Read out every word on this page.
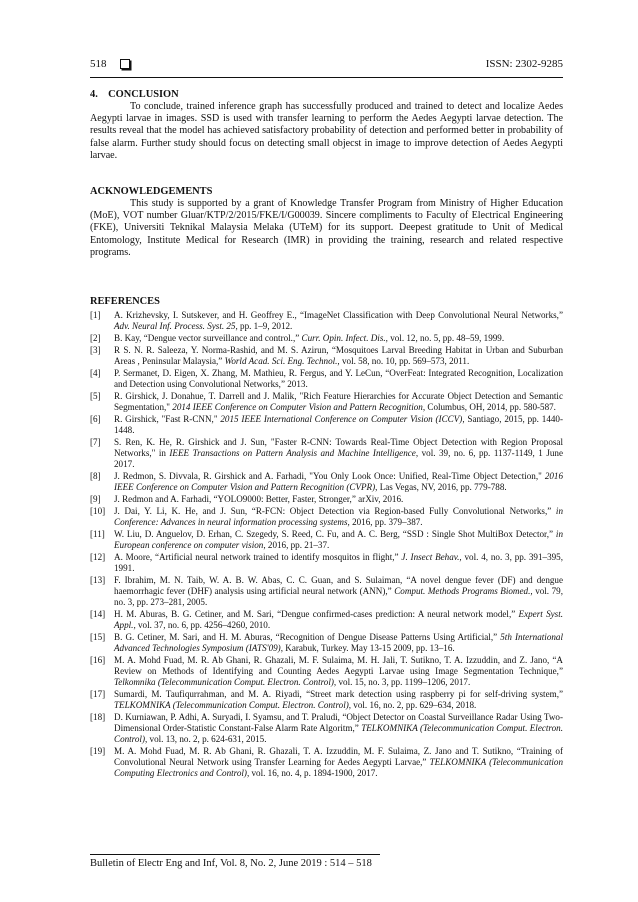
518	ISSN: 2302-9285

4.    CONCLUSION

To conclude, trained inference graph has successfully produced and trained to detect and localize Aedes Aegypti larvae in images. SSD is used with transfer learning to perform the Aedes Aegypti larvae detection. The results reveal that the model has achieved satisfactory probability of detection and performed better in probability of false alarm. Further study should focus on detecting small objecst in image to improve detection of Aedes Aegypti larvae.

ACKNOWLEDGEMENTS

This study is supported by a grant of Knowledge Transfer Program from Ministry of Higher Education (MoE), VOT number Gluar/KTP/2/2015/FKE/I/G00039. Sincere compliments to Faculty of Electrical Engineering (FKE), Universiti Teknikal Malaysia Melaka (UTeM) for its support. Deepest gratitude to Unit of Medical Entomology, Institute Medical for Research (IMR) in providing the training, research and related respective programs.

REFERENCES

[1] A. Krizhevsky, I. Sutskever, and H. Geoffrey E., “ImageNet Classification with Deep Convolutional Neural Networks,” Adv. Neural Inf. Process. Syst. 25, pp. 1–9, 2012.
[2] B. Kay, “Dengue vector surveillance and control.,” Curr. Opin. Infect. Dis., vol. 12, no. 5, pp. 48–59, 1999.
[3] R S. N. R. Saleeza, Y. Norma-Rashid, and M. S. Azirun, “Mosquitoes Larval Breeding Habitat in Urban and Suburban Areas , Peninsular Malaysia,” World Acad. Sci. Eng. Technol., vol. 58, no. 10, pp. 569–573, 2011.
[4] P. Sermanet, D. Eigen, X. Zhang, M. Mathieu, R. Fergus, and Y. LeCun, “OverFeat: Integrated Recognition, Localization and Detection using Convolutional Networks,” 2013.
[5] R. Girshick, J. Donahue, T. Darrell and J. Malik, "Rich Feature Hierarchies for Accurate Object Detection and Semantic Segmentation," 2014 IEEE Conference on Computer Vision and Pattern Recognition, Columbus, OH, 2014, pp. 580-587.
[6] R. Girshick, "Fast R-CNN," 2015 IEEE International Conference on Computer Vision (ICCV), Santiago, 2015, pp. 1440-1448.
[7] S. Ren, K. He, R. Girshick and J. Sun, "Faster R-CNN: Towards Real-Time Object Detection with Region Proposal Networks," in IEEE Transactions on Pattern Analysis and Machine Intelligence, vol. 39, no. 6, pp. 1137-1149, 1 June 2017.
[8] J. Redmon, S. Divvala, R. Girshick and A. Farhadi, "You Only Look Once: Unified, Real-Time Object Detection," 2016 IEEE Conference on Computer Vision and Pattern Recognition (CVPR), Las Vegas, NV, 2016, pp. 779-788.
[9] J. Redmon and A. Farhadi, “YOLO9000: Better, Faster, Stronger,” arXiv, 2016.
[10] J. Dai, Y. Li, K. He, and J. Sun, “R-FCN: Object Detection via Region-based Fully Convolutional Networks,” in Conference: Advances in neural information processing systems, 2016, pp. 379–387.
[11] W. Liu, D. Anguelov, D. Erhan, C. Szegedy, S. Reed, C. Fu, and A. C. Berg, “SSD : Single Shot MultiBox Detector,” in European conference on computer vision, 2016, pp. 21–37.
[12] A. Moore, “Artificial neural network trained to identify mosquitos in flight,” J. Insect Behav., vol. 4, no. 3, pp. 391–395, 1991.
[13] F. Ibrahim, M. N. Taib, W. A. B. W. Abas, C. C. Guan, and S. Sulaiman, “A novel dengue fever (DF) and dengue haemorrhagic fever (DHF) analysis using artificial neural network (ANN),” Comput. Methods Programs Biomed., vol. 79, no. 3, pp. 273–281, 2005.
[14] H. M. Aburas, B. G. Cetiner, and M. Sari, “Dengue confirmed-cases prediction: A neural network model,” Expert Syst. Appl., vol. 37, no. 6, pp. 4256–4260, 2010.
[15] B. G. Cetiner, M. Sari, and H. M. Aburas, “Recognition of Dengue Disease Patterns Using Artificial,” 5th International Advanced Technologies Symposium (IATS'09), Karabuk, Turkey. May 13-15 2009, pp. 13–16.
[16] M. A. Mohd Fuad, M. R. Ab Ghani, R. Ghazali, M. F. Sulaima, M. H. Jali, T. Sutikno, T. A. Izzuddin, and Z. Jano, “A Review on Methods of Identifying and Counting Aedes Aegypti Larvae using Image Segmentation Technique,” Telkomnika (Telecommunication Comput. Electron. Control), vol. 15, no. 3, pp. 1199–1206, 2017.
[17] Sumardi, M. Taufiqurrahman, and M. A. Riyadi, “Street mark detection using raspberry pi for self-driving system,” TELKOMNIKA (Telecommunication Comput. Electron. Control), vol. 16, no. 2, pp. 629–634, 2018.
[18] D. Kurniawan, P. Adhi, A. Suryadi, I. Syamsu, and T. Praludi, “Object Detector on Coastal Surveillance Radar Using Two-Dimensional Order-Statistic Constant-False Alarm Rate Algoritm,” TELKOMNIKA (Telecommunication Comput. Electron. Control), vol. 13, no. 2, p. 624-631, 2015.
[19] M. A. Mohd Fuad, M. R. Ab Ghani, R. Ghazali, T. A. Izzuddin, M. F. Sulaima, Z. Jano and T. Sutikno, “Training of Convolutional Neural Network using Transfer Learning for Aedes Aegypti Larvae,” TELKOMNIKA (Telecommunication Computing Electronics and Control), vol. 16, no. 4, p. 1894-1900, 2017.
Bulletin of Electr Eng and Inf, Vol. 8, No. 2, June 2019 : 514 – 518
